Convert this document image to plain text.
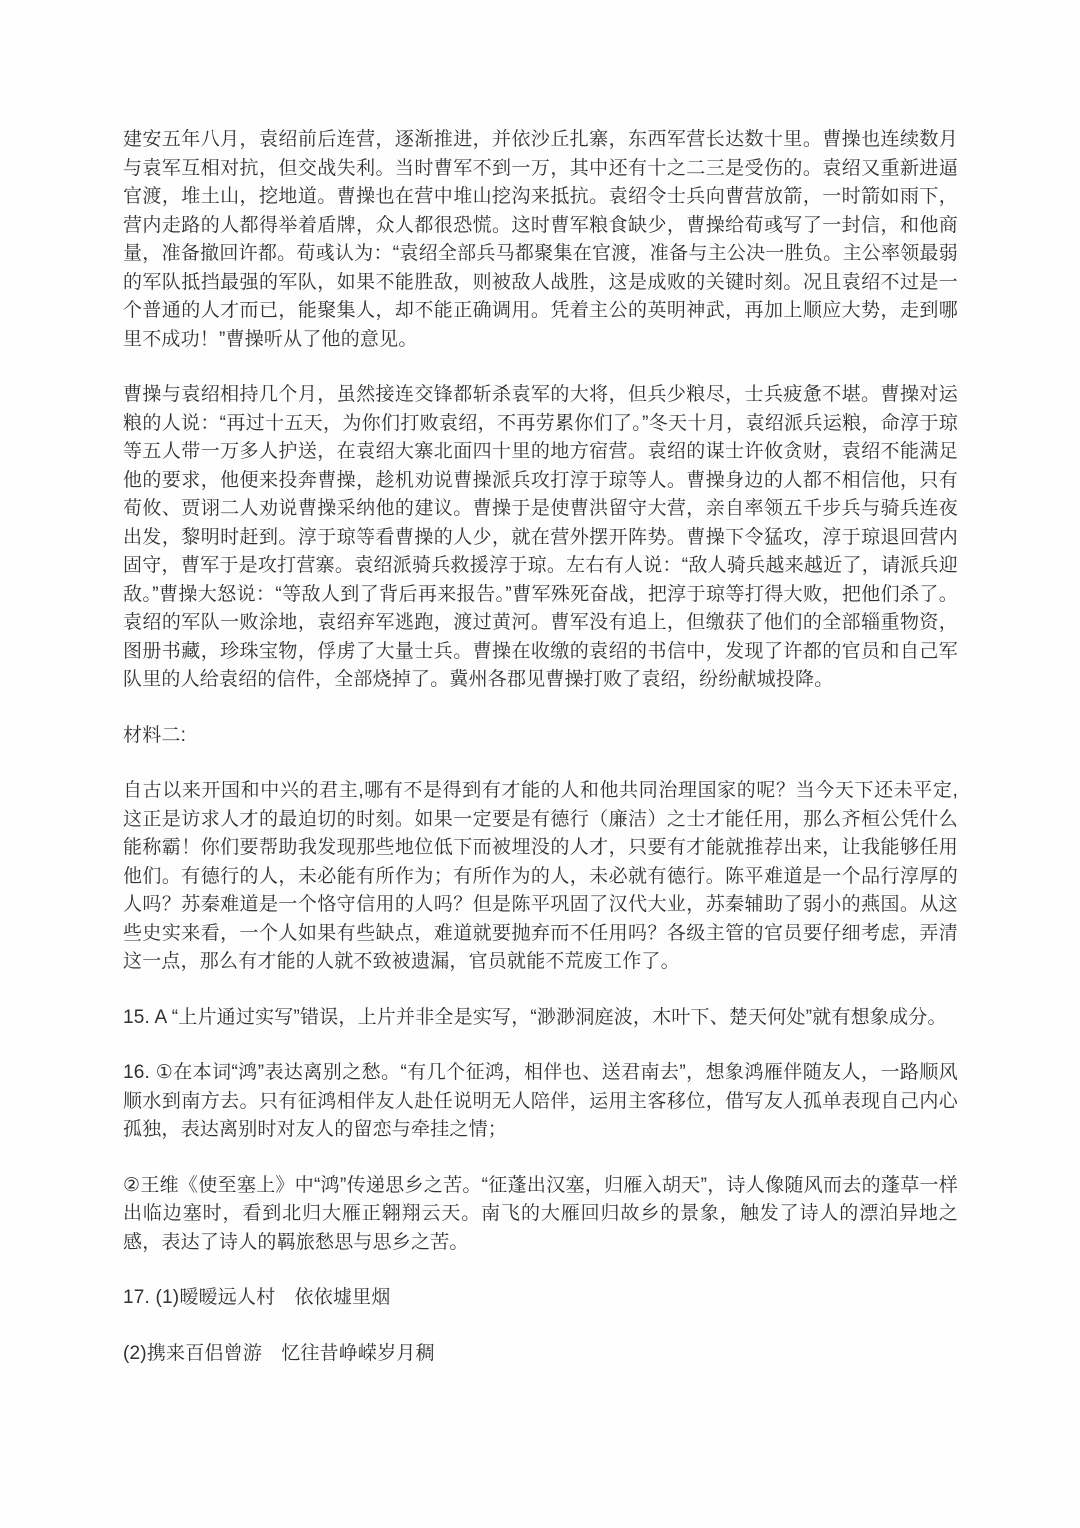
建安五年八月，袁绍前后连营，逐渐推进，并依沙丘扎寨，东西军营长达数十里。曹操也连续数月与袁军互相对抗，但交战失利。当时曹军不到一万，其中还有十之二三是受伤的。袁绍又重新进逼官渡，堆土山，挖地道。曹操也在营中堆山挖沟来抵抗。袁绍令士兵向曹营放箭，一时箭如雨下，营内走路的人都得举着盾牌，众人都很恐慌。这时曹军粮食缺少，曹操给荀彧写了一封信，和他商量，准备撤回许都。荀彧认为：“袁绍全部兵马都聚集在官渡，准备与主公决一胜负。主公率领最弱的军队抵挡最强的军队，如果不能胜敌，则被敌人战胜，这是成败的关键时刻。况且袁绍不过是一个普通的人才而已，能聚集人，却不能正确调用。凭着主公的英明神武，再加上顺应大势，走到哪里不成功！”曹操听从了他的意见。

曹操与袁绍相持几个月，虽然接连交锋都斩杀袁军的大将，但兵少粮尽，士兵疲惫不堪。曹操对运粮的人说：“再过十五天，为你们打败袁绍，不再劳累你们了。”冬天十月，袁绍派兵运粮，命淳于琼等五人带一万多人护送，在袁绍大寨北面四十里的地方宿营。袁绍的谋士许攸贪财，袁绍不能满足他的要求，他便来投奔曹操，趁机劝说曹操派兵攻打淳于琼等人。曹操身边的人都不相信他，只有荀攸、贾诩二人劝说曹操采纳他的建议。曹操于是使曹洪留守大营，亲自率领五千步兵与骑兵连夜出发，黎明时赶到。淳于琼等看曹操的人少，就在营外摆开阵势。曹操下令猛攻，淳于琼退回营内固守，曹军于是攻打营寨。袁绍派骑兵救援淳于琼。左右有人说：“敌人骑兵越来越近了，请派兵迎敌。”曹操大怒说：“等敌人到了背后再来报告。”曹军殊死奋战，把淳于琼等打得大败，把他们杀了。袁绍的军队一败涂地，袁绍弃军逃跑，渡过黄河。曹军没有追上，但缴获了他们的全部辎重物资，图册书藏，珍珠宝物，俘虏了大量士兵。曹操在收缴的袁绍的书信中，发现了许都的官员和自己军队里的人给袁绍的信件，全部烧掉了。冀州各郡见曹操打败了袁绍，纷纷献城投降。

材料二:

自古以来开国和中兴的君主,哪有不是得到有才能的人和他共同治理国家的呢？当今天下还未平定,这正是访求人才的最迫切的时刻。如果一定要是有德行（廉洁）之士才能任用，那么齐桓公凭什么能称霸！你们要帮助我发现那些地位低下而被埋没的人才，只要有才能就推荐出来，让我能够任用他们。有德行的人，未必能有所作为；有所作为的人，未必就有德行。陈平难道是一个品行淳厚的人吗？苏秦难道是一个恪守信用的人吗？但是陈平巩固了汉代大业，苏秦辅助了弱小的燕国。从这些史实来看，一个人如果有些缺点，难道就要抛弃而不任用吗？各级主管的官员要仔细考虑，弄清这一点，那么有才能的人就不致被遗漏，官员就能不荒废工作了。

15. A “上片通过实写”错误，上片并非全是实写，“渺渺洞庭波，木叶下、楚天何处”就有想象成分。

16. ①在本词“鸿”表达离别之愁。“有几个征鸿，相伴也、送君南去”，想象鸿雁伴随友人，一路顺风顺水到南方去。只有征鸿相伴友人赴任说明无人陪伴，运用主客移位，借写友人孤单表现自己内心孤独，表达离别时对友人的留恋与牵挂之情；

②王维《使至塞上》中“鸿”传递思乡之苦。“征蓬出汉塞，归雁入胡天”，诗人像随风而去的蓬草一样出临边塞时，看到北归大雁正翱翔云天。南飞的大雁回归故乡的景象，触发了诗人的漂泊异地之感，表达了诗人的羁旅愁思与思乡之苦。

17. (1)暧暧远人村　依依墟里烟

(2)携来百侣曾游　忆往昔峥嵘岁月稠
